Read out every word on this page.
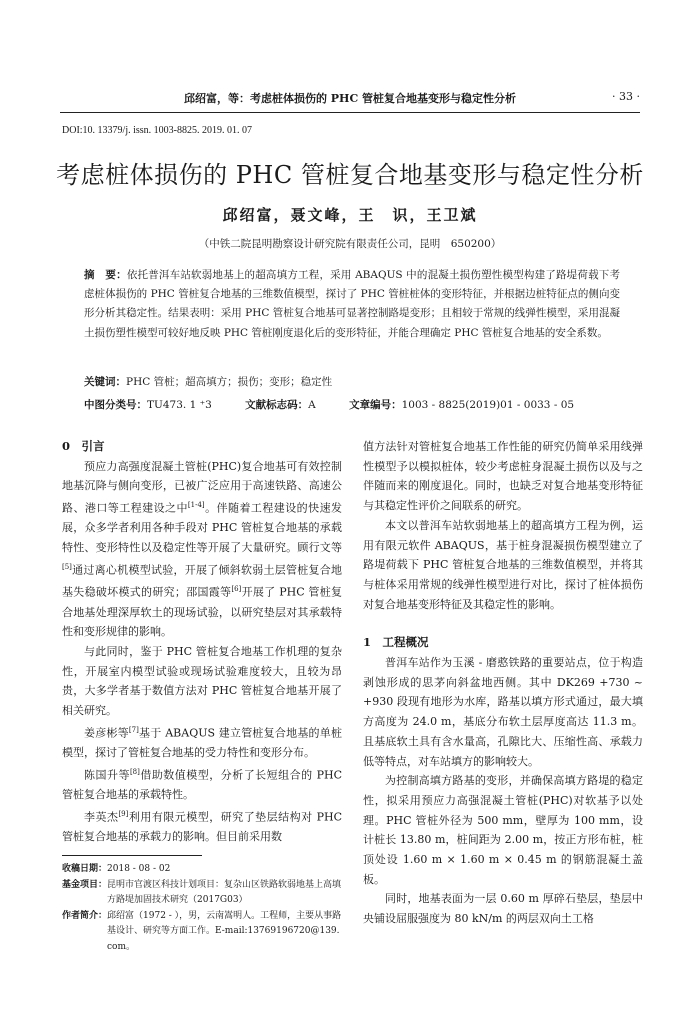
邱绍富，等：考虑桩体损伤的 PHC 管桩复合地基变形与稳定性分析	· 33 ·
DOI:10. 13379/j. issn. 1003-8825. 2019. 01. 07
考虑桩体损伤的 PHC 管桩复合地基变形与稳定性分析
邱绍富，聂文峰，王　识，王卫斌
（中铁二院昆明勘察设计研究院有限责任公司，昆明　650200）
摘　要：依托普洱车站软弱地基上的超高填方工程，采用 ABAQUS 中的混凝土损伤塑性模型构建了路堤荷载下考虑桩体损伤的 PHC 管桩复合地基的三维数值模型，探讨了 PHC 管桩桩体的变形特征，并根据边桩特征点的侧向变形分析其稳定性。结果表明：采用 PHC 管桩复合地基可显著控制路堤变形；且相较于常规的线弹性模型，采用混凝土损伤塑性模型可较好地反映 PHC 管桩刚度退化后的变形特征，并能合理确定 PHC 管桩复合地基的安全系数。
关键词：PHC 管桩；超高填方；损伤；变形；稳定性
中图分类号：TU473. 1 ⁺3	文献标志码：A	文章编号：1003 - 8825(2019)01 - 0033 - 05
0　引言

预应力高强度混凝土管桩(PHC)复合地基可有效控制地基沉降与侧向变形，已被广泛应用于高速铁路、高速公路、港口等工程建设之中[1-4]。伴随着工程建设的快速发展，众多学者利用各种手段对 PHC 管桩复合地基的承载特性、变形特性以及稳定性等开展了大量研究。顾行文等[5]通过离心机模型试验，开展了倾斜软弱土层管桩复合地基失稳破坏模式的研究；邵国霞等[6]开展了 PHC 管桩复合地基处理深厚软土的现场试验，以研究垫层对其承载特性和变形规律的影响。

与此同时，鉴于 PHC 管桩复合地基工作机理的复杂性，开展室内模型试验或现场试验难度较大，且较为昂贵，大多学者基于数值方法对 PHC 管桩复合地基开展了相关研究。

姜彦彬等[7]基于 ABAQUS 建立管桩复合地基的单桩模型，探讨了管桩复合地基的受力特性和变形分布。

陈国升等[8]借助数值模型，分析了长短组合的 PHC 管桩复合地基的承载特性。

李英杰[9]利用有限元模型，研究了垫层结构对 PHC 管桩复合地基的承载力的影响。但目前采用数

值方法针对管桩复合地基工作性能的研究仍简单采用线弹性模型予以模拟桩体，较少考虑桩身混凝土损伤以及与之伴随而来的刚度退化。同时，也缺乏对复合地基变形特征与其稳定性评价之间联系的研究。

本文以普洱车站软弱地基上的超高填方工程为例，运用有限元软件 ABAQUS，基于桩身混凝损伤模型建立了路堤荷载下 PHC 管桩复合地基的三维数值模型，并将其与桩体采用常规的线弹性模型进行对比，探讨了桩体损伤对复合地基变形特征及其稳定性的影响。

1　工程概况

普洱车站作为玉溪 - 磨憨铁路的重要站点，位于构造剥蚀形成的思茅向斜盆地西侧。其中 DK269 +730 ~ +930 段现有地形为水库，路基以填方形式通过，最大填方高度为 24.0 m，基底分布软土层厚度高达 11.3 m。且基底软土具有含水量高，孔隙比大、压缩性高、承载力低等特点，对车站填方的影响较大。

为控制高填方路基的变形，并确保高填方路堤的稳定性，拟采用预应力高强混凝土管桩(PHC)对软基予以处理。PHC 管桩外径为 500 mm，壁厚为 100 mm，设计桩长 13.80 m，桩间距为 2.00 m，按正方形布桩，桩顶处设 1.60 m × 1.60 m × 0.45 m 的钢筋混凝土盖板。

同时，地基表面为一层 0.60 m 厚碎石垫层，垫层中央铺设屈服强度为 80 kN/m 的两层双向土工格

收稿日期： 2018 - 08 - 02
基金项目： 昆明市官渡区科技计划项目：复杂山区铁路软弱地基上高填方路堤加固技术研究（2017G03）
作者简介： 邱绍富（1972 - ），男，云南嵩明人。工程师，主要从事路基设计、研究等方面工作。E-mail:13769196720@139. com。
